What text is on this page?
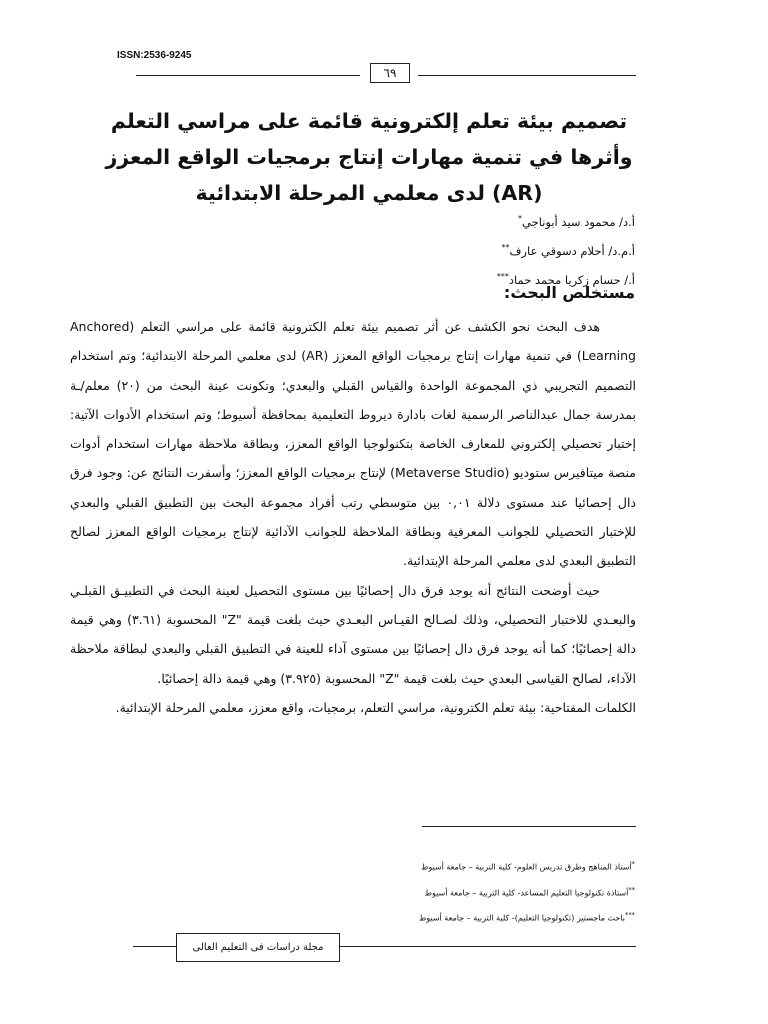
ISSN:2536-9245
٦٩
تصميم بيئة تعلم إلكترونية قائمة على مراسي التعلم وأثرها في تنمية مهارات إنتاج برمجيات الواقع المعزز (AR) لدى معلمي المرحلة الابتدائية
أ.د/ محمود سيد أبوناجي*
أ.م.د/ أحلام دسوقي عارف**
أ./ حسام زكريا محمد حماد***
مستخلص البحث:

هدف البحث نحو الكشف عن أثر تصميم بيئة تعلم الكترونية قائمة على مراسي التعلم (Anchored Learning) في تنمية مهارات إنتاج برمجيات الواقع المعزز (AR) لدى معلمي المرحلة الابتدائية؛ وتم استخدام التصميم التجريبي ذي المجموعة الواحدة والقياس القبلي والبعدي؛ وتكونت عينة البحث من (٢٠) معلم/ـة بمدرسة جمال عبدالناصر الرسمية لغات بادارة ديروط التعليمية بمحافظة أسيوط؛ وتم استخدام الأدوات الآتية: إختبار تحصيلي إلكتروني للمعارف الخاصة بتكنولوجيا الواقع المعزز، وبطاقة ملاحظة مهارات استخدام أدوات منصة ميتافيرس ستوديو (Metaverse Studio) لإنتاج برمجيات الواقع المعزز؛ وأسفرت النتائج عن: وجود فرق دال إحصائيا عند مستوى دلالة ٠,٠١ بين متوسطي رتب أفراد مجموعة البحث بين التطبيق القبلي والبعدي للإختبار التحصيلي للجوانب المعرفية وبطاقة الملاحظة للجوانب الآدائية لإنتاج برمجيات الواقع المعزز لصالح التطبيق البعدي لدى معلمي المرحلة الإبتدائية.

حيث أوضحت النتائج أنه يوجد فرق دال إحصائيًا بين مستوى التحصيل لعينة البحث في التطبيـق القبلـي والبعـدي للاختبار التحصيلي، وذلك لصـالح القيـاس البعـدي حيث بلغت قيمة "Z" المحسوبة (٣.٦١) وهي قيمة دالة إحصائيًا؛ كما أنه يوجد فرق دال إحصائيًا بين مستوى آداء للعينة في التطبيق القبلي والبعدي لبطاقة ملاحظة الآداء، لصالح القياسى البعدي حيث بلغت قيمة "Z" المحسوبة (٣.٩٢٥) وهي قيمة دالة إحصائيًا.

الكلمات المفتاحية: بيئة تعلم الكترونية، مراسي التعلم، برمجيات، واقع معزز، معلمي المرحلة الإبتدائية.

*أستاذ المناهج وطرق تدريس العلوم- كلية التربية – جامعة أسيوط
**أستاذة تكنولوجيا التعليم المساعد- كلية التربية – جامعة أسيوط
***باحث ماجستير (تكنولوجيا التعليم)- كلية التربية – جامعة أسيوط
مجلة دراسات فى التعليم العالى
